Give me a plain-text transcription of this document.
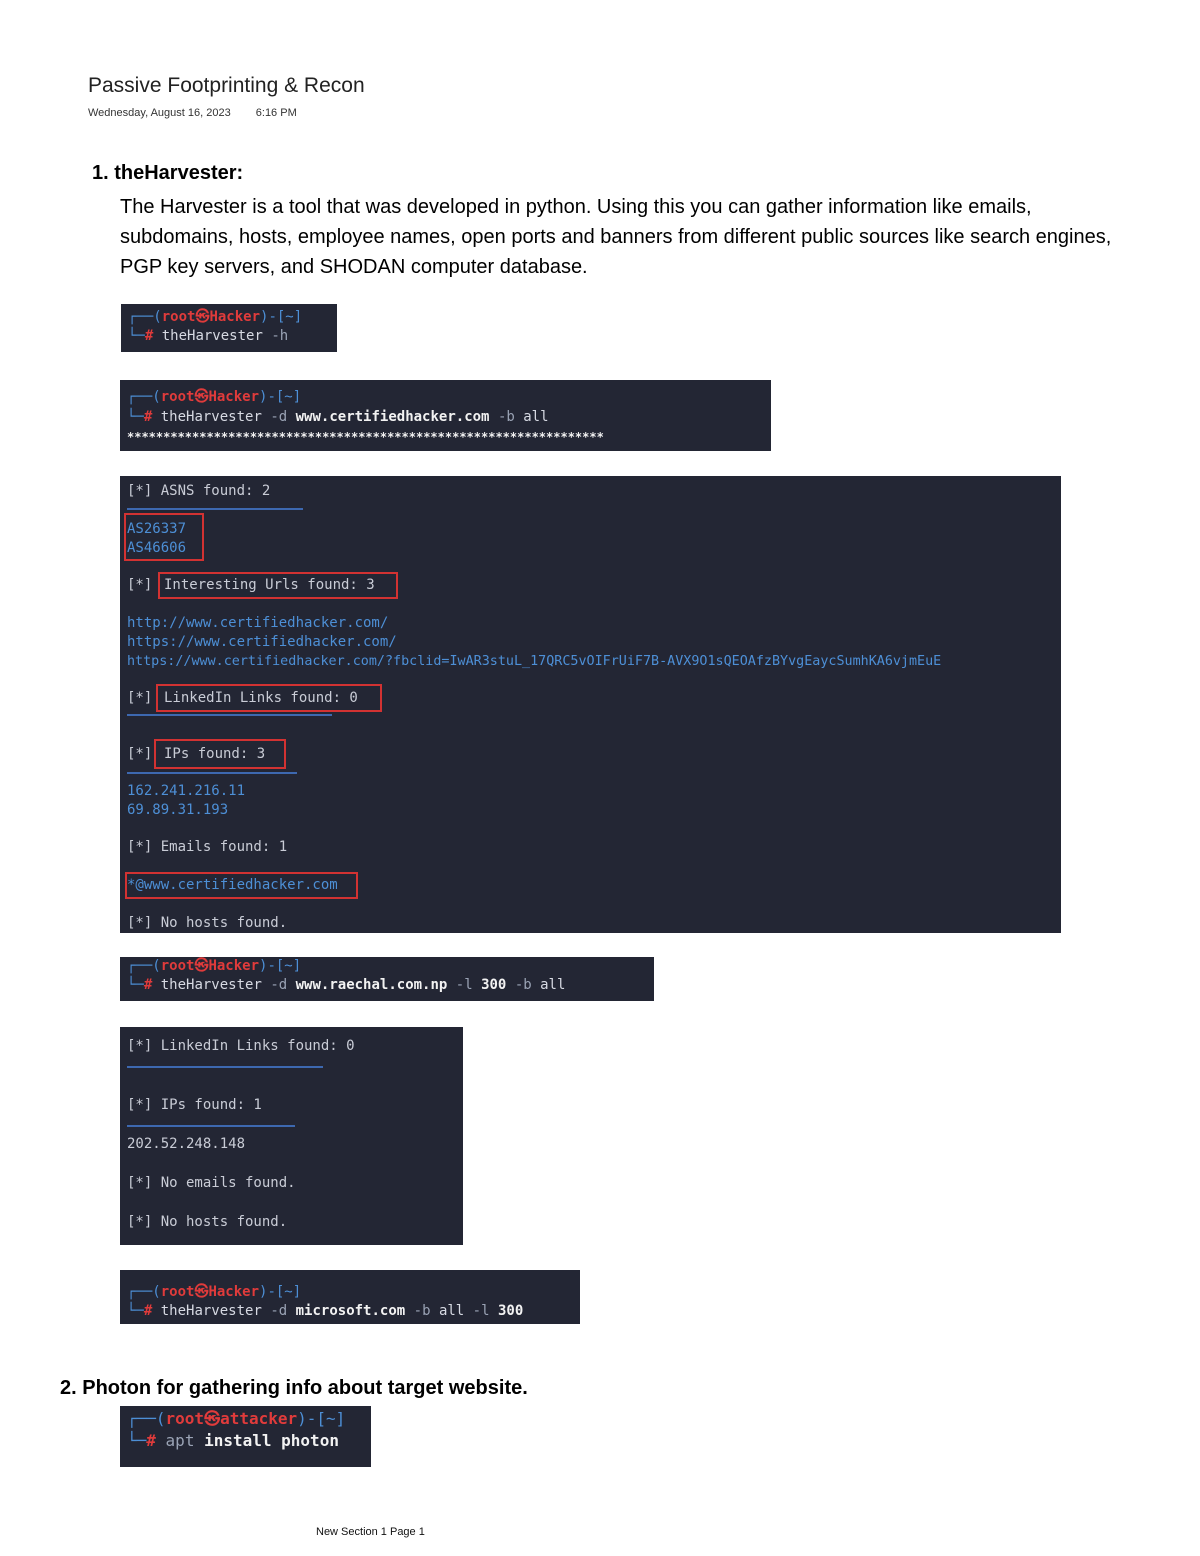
Passive Footprinting & Recon
Wednesday, August 16, 2023 6:16 PM
1. theHarvester:
The Harvester is a tool that was developed in python. Using this you can gather information like emails, subdomains, hosts, employee names, open ports and banners from different public sources like search engines, PGP key servers, and SHODAN computer database.
┌──(root㉿Hacker)-[~]
└─# theHarvester -h
┌──(root㉿Hacker)-[~]
└─# theHarvester -d www.certifiedhacker.com -b all
******************************************************************
[*] ASNS found: 2
AS26337
AS46606
[*] Interesting Urls found: 3
http://www.certifiedhacker.com/
https://www.certifiedhacker.com/
https://www.certifiedhacker.com/?fbclid=IwAR3stuL_17QRC5vOIFrUiF7B-AVX9O1sQEOAfzBYvgEaycSumhKA6vjmEuE
[*] LinkedIn Links found: 0
[*] IPs found: 3
162.241.216.11
69.89.31.193
[*] Emails found: 1
*@www.certifiedhacker.com
[*] No hosts found.
┌──(root㉿Hacker)-[~]
└─# theHarvester -d www.raechal.com.np -l 300 -b all
[*] LinkedIn Links found: 0
[*] IPs found: 1
202.52.248.148
[*] No emails found.
[*] No hosts found.
┌──(root㉿Hacker)-[~]
└─# theHarvester -d microsoft.com -b all -l 300
2. Photon for gathering info about target website.
┌──(root㉿attacker)-[~]
└─# apt install photon
New Section 1 Page 1
